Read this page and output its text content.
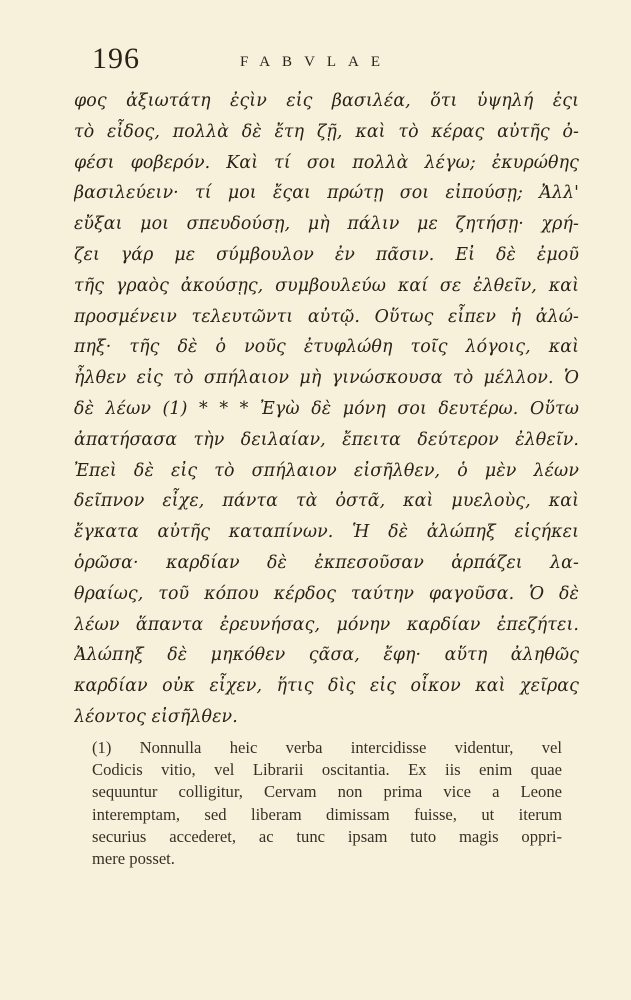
196	FABVLAE
φος ἀξιωτάτη ἐςὶν εἰς βασιλέα, ὅτι ὑψηλή ἐςι
τὸ εἶδος, πολλὰ δὲ ἔτη ζῇ, καὶ τὸ κέρας αὐτῆς ὀ-
φέσι φοβερόν. Καὶ τί σοι πολλὰ λέγω; ἐκυρώθης
βασιλεύειν· τί μοι ἔςαι πρώτῃ σοι εἰπούσῃ; Ἀλλ'
εὔξαι μοι σπευδούσῃ, μὴ πάλιν με ζητήσῃ· χρή-
ζει γάρ με σύμβουλον ἐν πᾶσιν. Εἰ δὲ ἐμοῦ
τῆς γραὸς ἀκούσῃς, συμβουλεύω καί σε ἐλθεῖν, καὶ
προσμένειν τελευτῶντι αὐτῷ. Οὕτως εἶπεν ἡ ἀλώ-
πηξ· τῆς δὲ ὁ νοῦς ἐτυφλώθη τοῖς λόγοις, καὶ
ἦλθεν εἰς τὸ σπήλαιον μὴ γινώσκουσα τὸ μέλλον. Ὁ
δὲ λέων (1) * * * Ἐγὼ δὲ μόνη σοι δευτέρω. Οὕτω
ἀπατήσασα τὴν δειλαίαν, ἔπειτα δεύτερον ἐλθεῖν.
Ἐπεὶ δὲ εἰς τὸ σπήλαιον εἰσῆλθεν, ὁ μὲν λέων
δεῖπνον εἶχε, πάντα τὰ ὀστᾶ, καὶ μυελοὺς, καὶ
ἔγκατα αὐτῆς καταπίνων. Ἡ δὲ ἀλώπηξ εἱςήκει
ὁρῶσα· καρδίαν δὲ ἐκπεσοῦσαν ἁρπάζει λα-
θραίως, τοῦ κόπου κέρδος ταύτην φαγοῦσα. Ὁ δὲ
λέων ἅπαντα ἐρευνήσας, μόνην καρδίαν ἐπεζήτει.
Ἀλώπηξ δὲ μηκόθεν ςᾶσα, ἔφη· αὕτη ἀληθῶς
καρδίαν οὐκ εἶχεν, ἥτις δὶς εἰς οἶκον καὶ χεῖρας
λέοντος εἰσῆλθεν.
(1) Nonnulla heic verba intercidisse videntur, vel
Codicis vitio, vel Librarii oscitantia. Ex iis enim quae
sequuntur colligitur, Cervam non prima vice a Leone
interemptam, sed liberam dimissam fuisse, ut iterum
securius accederet, ac tunc ipsam tuto magis oppri-
mere posset.
